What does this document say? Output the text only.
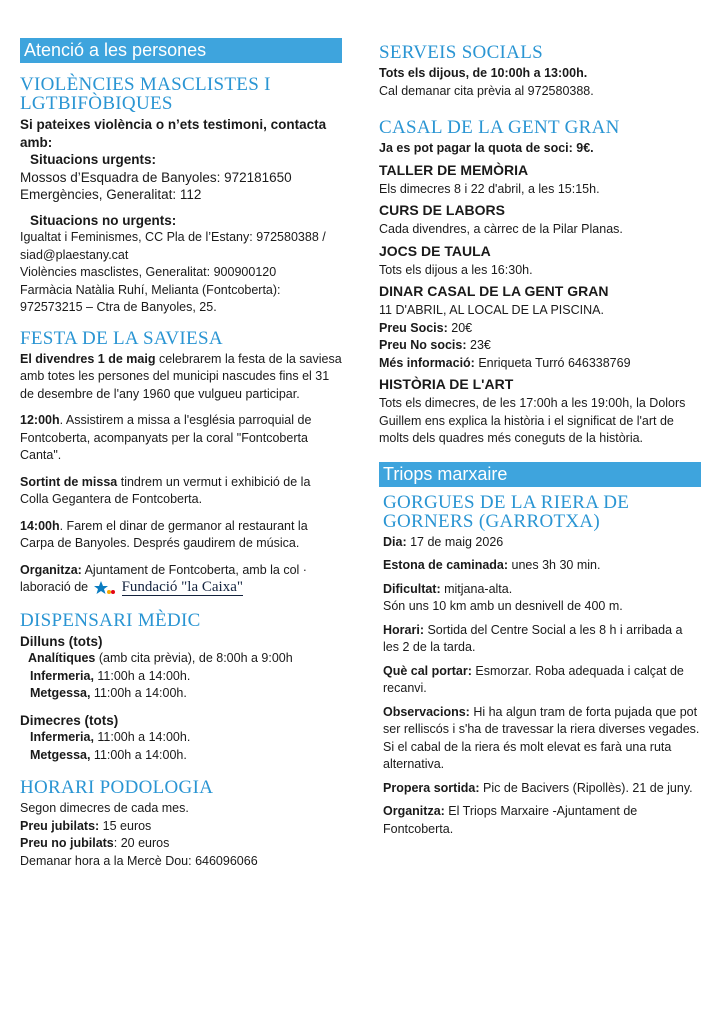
Atenció a les persones
VIOLÈNCIES MASCLISTES I LGTBIFÒBIQUES

Si pateixes violència o n’ets testimoni, contacta amb:

Situacions urgents:

Mossos d’Esquadra de Banyoles: 972181650

Emergències, Generalitat: 112

Situacions no urgents:

Igualtat i Feminismes, CC Pla de l’Estany: 972580388 / siad@plaestany.cat

Violències masclistes, Generalitat: 900900120

Farmàcia Natàlia Ruhí, Melianta (Fontcoberta): 972573215 – Ctra de Banyoles, 25.

FESTA DE LA SAVIESA

El divendres 1 de maig celebrarem la festa de la saviesa amb totes les persones del municipi nascudes fins el 31 de desembre de l'any 1960 que vulgueu participar.

12:00h. Assistirem a missa a l'església parroquial de Fontcoberta, acompanyats per la coral "Fontcoberta Canta".

Sortint de missa tindrem un vermut i exhibició de la Colla Gegantera de Fontcoberta.

14:00h. Farem el dinar de germanor al restaurant la Carpa de Banyoles. Després gaudirem de música.

Organitza: Ajuntament de Fontcoberta, amb la col · laboració de Fundació "la Caixa"

DISPENSARI MÈDIC

Dilluns (tots)

Analítiques (amb cita prèvia), de 8:00h a 9:00h

Infermeria, 11:00h a 14:00h.

Metgessa, 11:00h a 14:00h.

Dimecres (tots)

Infermeria, 11:00h a 14:00h.

Metgessa, 11:00h a 14:00h.

HORARI PODOLOGIA

Segon dimecres de cada mes.

Preu jubilats: 15 euros

Preu no jubilats: 20 euros

Demanar hora a la Mercè Dou: 646096066

SERVEIS SOCIALS

Tots els dijous, de 10:00h a 13:00h.

Cal demanar cita prèvia al 972580388.

CASAL DE LA GENT GRAN

Ja es pot pagar la quota de soci: 9€.

TALLER DE MEMÒRIA

Els dimecres 8 i 22 d'abril, a les 15:15h.

CURS DE LABORS

Cada divendres, a càrrec de la Pilar Planas.

JOCS DE TAULA

Tots els dijous a les 16:30h.

DINAR CASAL DE LA GENT GRAN

11 D'ABRIL, AL LOCAL DE LA PISCINA.

Preu Socis: 20€

Preu No socis: 23€

Més informació: Enriqueta Turró 646338769

HISTÒRIA DE L'ART

Tots els dimecres, de les 17:00h a les 19:00h, la Dolors Guillem ens explica la història i el significat de l'art de molts dels quadres més coneguts de la història.

Triops marxaire
GORGUES DE LA RIERA DE GORNERS (GARROTXA)

Dia: 17 de maig 2026

Estona de caminada: unes 3h 30 min.

Dificultat: mitjana-alta.

Són uns 10 km amb un desnivell de 400 m.

Horari: Sortida del Centre Social a les 8 h i arribada a les 2 de la tarda.

Què cal portar: Esmorzar. Roba adequada i calçat de recanvi.

Observacions: Hi ha algun tram de forta pujada que pot ser relliscós i s'ha de travessar la riera diverses vegades.

Si el cabal de la riera és molt elevat es farà una ruta alternativa.

Propera sortida: Pic de Bacivers (Ripollès). 21 de juny.

Organitza: El Triops Marxaire -Ajuntament de Fontcoberta.
